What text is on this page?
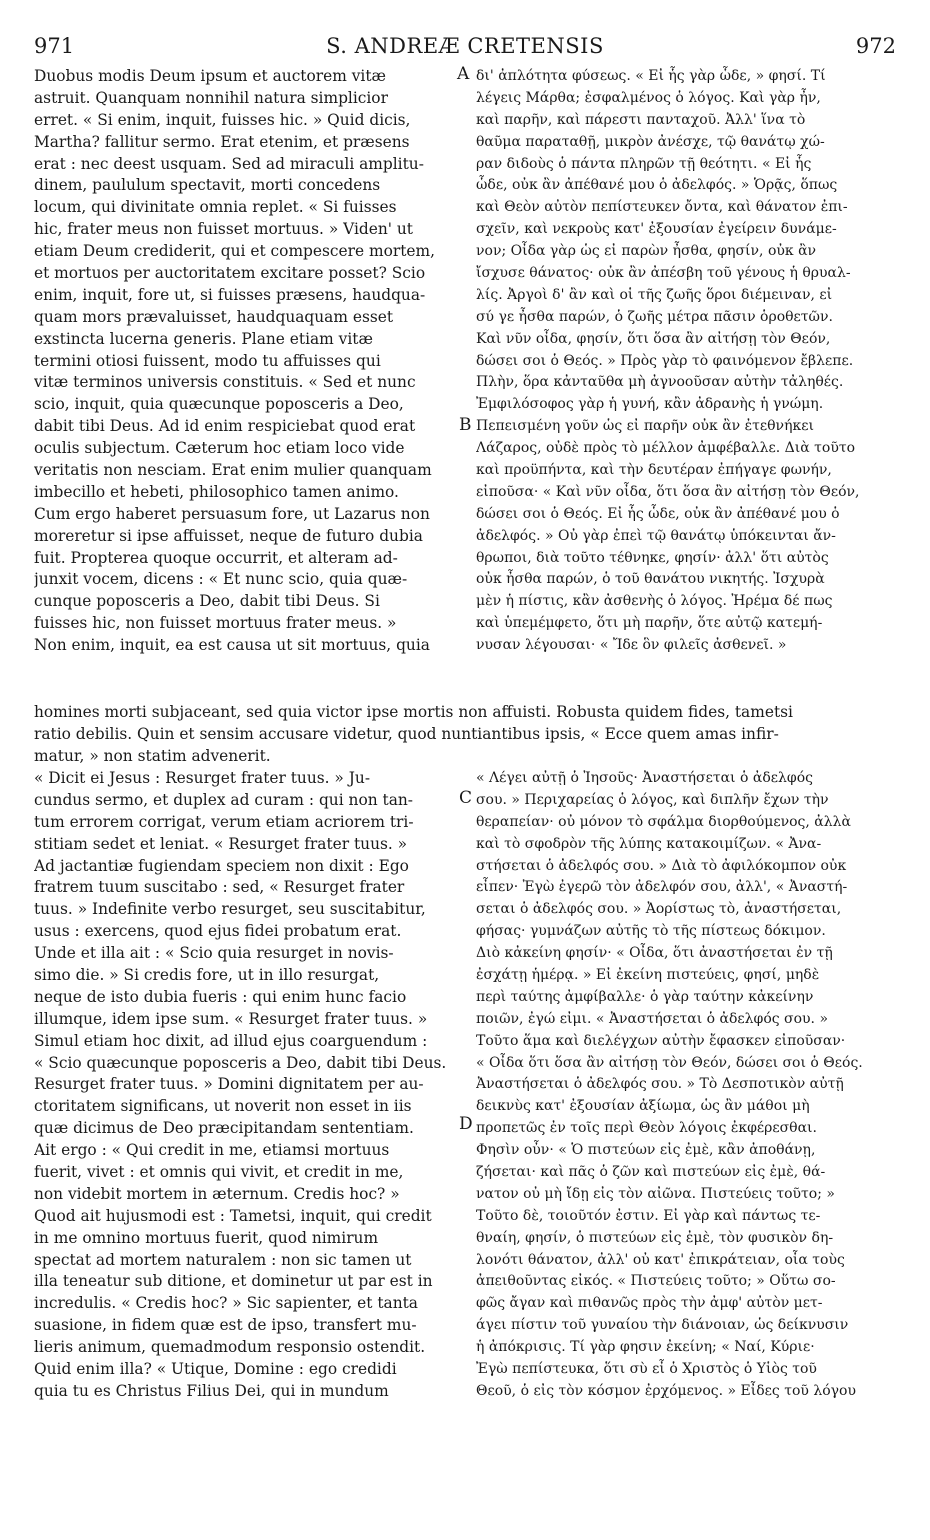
971	S. ANDREÆ CRETENSIS	972
Duobus modis Deum ipsum et auctorem vitæ
astruit. Quanquam nonnihil natura simplicior
erret. « Si enim, inquit, fuisses hic. » Quid dicis,
Martha? fallitur sermo. Erat etenim, et præsens
erat : nec deest usquam. Sed ad miraculi amplitu-
dinem, paululum spectavit, morti concedens
locum, qui divinitate omnia replet. « Si fuisses
hic, frater meus non fuisset mortuus. » Viden' ut
etiam Deum crediderit, qui et compescere mortem,
et mortuos per auctoritatem excitare posset? Scio
enim, inquit, fore ut, si fuisses præsens, haudqua-
quam mors prævaluisset, haudquaquam esset
exstincta lucerna generis. Plane etiam vitæ
termini otiosi fuissent, modo tu affuisses qui
vitæ terminos universis constituis. « Sed et nunc
scio, inquit, quia quæcunque poposceris a Deo,
dabit tibi Deus. Ad id enim respiciebat quod erat
oculis subjectum. Cæterum hoc etiam loco vide
veritatis non nesciam. Erat enim mulier quanquam
imbecillo et hebeti, philosophico tamen animo.
Cum ergo haberet persuasum fore, ut Lazarus non
moreretur si ipse affuisset, neque de futuro dubia
fuit. Propterea quoque occurrit, et alteram ad-
junxit vocem, dicens : « Et nunc scio, quia quæ-
cunque poposceris a Deo, dabit tibi Deus. Si
fuisses hic, non fuisset mortuus frater meus. »
Non enim, inquit, ea est causa ut sit mortuus, quia
δι' ἀπλότητα φύσεως. « Εἰ ἧς γὰρ ὧδε, » φησί. Τί
λέγεις Μάρθα; ἐσφαλμένος ὁ λόγος. Καὶ γὰρ ἦν,
καὶ παρῆν, καὶ πάρεστι πανταχοῦ. Ἀλλ' ἵνα τὸ
θαῦμα παραταθῇ, μικρὸν ἀνέσχε, τῷ θανάτῳ χώ-
ραν διδοὺς ὁ πάντα πληρῶν τῇ θεότητι. « Εἰ ἧς
ὧδε, οὐκ ἂν ἀπέθανέ μου ὁ ἀδελφός. » Ὁρᾷς, ὅπως
καὶ Θεὸν αὐτὸν πεπίστευκεν ὄντα, καὶ θάνατον ἐπι-
σχεῖν, καὶ νεκροὺς κατ' ἐξουσίαν ἐγείρειν δυνάμε-
νον; Οἶδα γὰρ ὡς εἰ παρὼν ἦσθα, φησίν, οὐκ ἂν
ἴσχυσε θάνατος· οὐκ ἂν ἀπέσβη τοῦ γένους ἡ θρυαλ-
λίς. Ἀργοὶ δ' ἂν καὶ οἱ τῆς ζωῆς ὅροι διέμειναν, εἰ
σύ γε ἦσθα παρών, ὁ ζωῆς μέτρα πᾶσιν ὁροθετῶν.
Καὶ νῦν οἶδα, φησίν, ὅτι ὅσα ἂν αἰτήσῃ τὸν Θεόν,
δώσει σοι ὁ Θεός. » Πρὸς γὰρ τὸ φαινόμενον ἔβλεπε.
Πλὴν, ὅρα κἀνταῦθα μὴ ἀγνοοῦσαν αὐτὴν τἀληθές.
Ἐμφιλόσοφος γὰρ ἡ γυνή, κἂν ἀδρανὴς ἡ γνώμη.
Πεπεισμένη γοῦν ὡς εἰ παρῆν οὐκ ἂν ἐτεθνήκει
Λάζαρος, οὐδὲ πρὸς τὸ μέλλον ἀμφέβαλλε. Διὰ τοῦτο
καὶ προϋπήντα, καὶ τὴν δευτέραν ἐπήγαγε φωνήν,
εἰποῦσα· « Καὶ νῦν οἶδα, ὅτι ὅσα ἂν αἰτήσῃ τὸν Θεόν,
δώσει σοι ὁ Θεός. Εἰ ἧς ὧδε, οὐκ ἂν ἀπέθανέ μου ὁ
ἀδελφός. » Οὐ γὰρ ἐπεὶ τῷ θανάτῳ ὑπόκεινται ἄν-
θρωποι, διὰ τοῦτο τέθνηκε, φησίν· ἀλλ' ὅτι αὐτὸς
οὐκ ἦσθα παρών, ὁ τοῦ θανάτου νικητής. Ἰσχυρὰ
μὲν ἡ πίστις, κἂν ἀσθενὴς ὁ λόγος. Ἠρέμα δέ πως
καὶ ὑπεμέμφετο, ὅτι μὴ παρῆν, ὅτε αὐτῷ κατεμή-
νυσαν λέγουσαι· « Ἴδε ὃν φιλεῖς ἀσθενεῖ. »
homines morti subjaceant, sed quia victor ipse mortis non affuisti. Robusta quidem fides, tametsi
ratio debilis. Quin et sensim accusare videtur, quod nuntiantibus ipsis, « Ecce quem amas infir-
matur, » non statim advenerit.
« Dicit ei Jesus : Resurget frater tuus. » Ju-
cundus sermo, et duplex ad curam : qui non tan-
tum errorem corrigat, verum etiam acriorem tri-
stitiam sedet et leniat. « Resurget frater tuus. »
Ad jactantiæ fugiendam speciem non dixit : Ego
fratrem tuum suscitabo : sed, « Resurget frater
tuus. » Indefinite verbo resurget, seu suscitabitur,
usus : exercens, quod ejus fidei probatum erat.
Unde et illa ait : « Scio quia resurget in novis-
simo die. » Si credis fore, ut in illo resurgat,
neque de isto dubia fueris : qui enim hunc facio
illumque, idem ipse sum. « Resurget frater tuus. »
Simul etiam hoc dixit, ad illud ejus coarguendum :
« Scio quæcunque poposceris a Deo, dabit tibi Deus.
Resurget frater tuus. » Domini dignitatem per au-
ctoritatem significans, ut noverit non esset in iis
quæ dicimus de Deo præcipitandam sententiam.
Ait ergo : « Qui credit in me, etiamsi mortuus
fuerit, vivet : et omnis qui vivit, et credit in me,
non videbit mortem in æternum. Credis hoc? »
Quod ait hujusmodi est : Tametsi, inquit, qui credit
in me omnino mortuus fuerit, quod nimirum
spectat ad mortem naturalem : non sic tamen ut
illa teneatur sub ditione, et dominetur ut par est in
incredulis. « Credis hoc? » Sic sapienter, et tanta
suasione, in fidem quæ est de ipso, transfert mu-
lieris animum, quemadmodum responsio ostendit.
Quid enim illa? « Utique, Domine : ego credidi
quia tu es Christus Filius Dei, qui in mundum
« Λέγει αὐτῇ ὁ Ἰησοῦς· Ἀναστήσεται ὁ ἀδελφός
σου. » Περιχαρείας ὁ λόγος, καὶ διπλῆν ἔχων τὴν
θεραπείαν· οὐ μόνον τὸ σφάλμα διορθούμενος, ἀλλὰ
καὶ τὸ σφοδρὸν τῆς λύπης κατακοιμίζων. « Ἀνα-
στήσεται ὁ ἀδελφός σου. » Διὰ τὸ ἀφιλόκομπον οὐκ
εἶπεν· Ἐγὼ ἐγερῶ τὸν ἀδελφόν σου, ἀλλ', « Ἀναστή-
σεται ὁ ἀδελφός σου. » Ἀορίστως τὸ, ἀναστήσεται,
φήσας· γυμνάζων αὐτῆς τὸ τῆς πίστεως δόκιμον.
Διὸ κἀκείνη φησίν· « Οἶδα, ὅτι ἀναστήσεται ἐν τῇ
ἐσχάτῃ ἡμέρᾳ. » Εἰ ἐκείνη πιστεύεις, φησί, μηδὲ
περὶ ταύτης ἀμφίβαλλε· ὁ γὰρ ταύτην κἀκείνην
ποιῶν, ἐγώ εἰμι. « Ἀναστήσεται ὁ ἀδελφός σου. »
Τοῦτο ἅμα καὶ διελέγχων αὐτὴν ἔφασκεν εἰποῦσαν·
« Οἶδα ὅτι ὅσα ἂν αἰτήσῃ τὸν Θεόν, δώσει σοι ὁ Θεός.
Ἀναστήσεται ὁ ἀδελφός σου. » Τὸ Δεσποτικὸν αὐτῇ
δεικνὺς κατ' ἐξουσίαν ἀξίωμα, ὡς ἂν μάθοι μὴ
προπετῶς ἐν τοῖς περὶ Θεὸν λόγοις ἐκφέρεσθαι.
Φησὶν οὖν· « Ὁ πιστεύων εἰς ἐμὲ, κἂν ἀποθάνῃ,
ζήσεται· καὶ πᾶς ὁ ζῶν καὶ πιστεύων εἰς ἐμὲ, θά-
νατον οὐ μὴ ἴδῃ εἰς τὸν αἰῶνα. Πιστεύεις τοῦτο; »
Τοῦτο δὲ, τοιοῦτόν ἐστιν. Εἰ γὰρ καὶ πάντως τε-
θναίη, φησίν, ὁ πιστεύων εἰς ἐμὲ, τὸν φυσικὸν δη-
λονότι θάνατον, ἀλλ' οὐ κατ' ἐπικράτειαν, οἷα τοὺς
ἀπειθοῦντας εἰκός. « Πιστεύεις τοῦτο; » Οὕτω σο-
φῶς ἄγαν καὶ πιθανῶς πρὸς τὴν ἀμφ' αὐτὸν μετ-
άγει πίστιν τοῦ γυναίου τὴν διάνοιαν, ὡς δείκνυσιν
ἡ ἀπόκρισις. Τί γὰρ φησιν ἐκείνη; « Ναί, Κύριε·
Ἐγὼ πεπίστευκα, ὅτι σὺ εἶ ὁ Χριστὸς ὁ Υἱὸς τοῦ
Θεοῦ, ὁ εἰς τὸν κόσμον ἐρχόμενος. » Εἶδες τοῦ λόγου
A
B
C
D
